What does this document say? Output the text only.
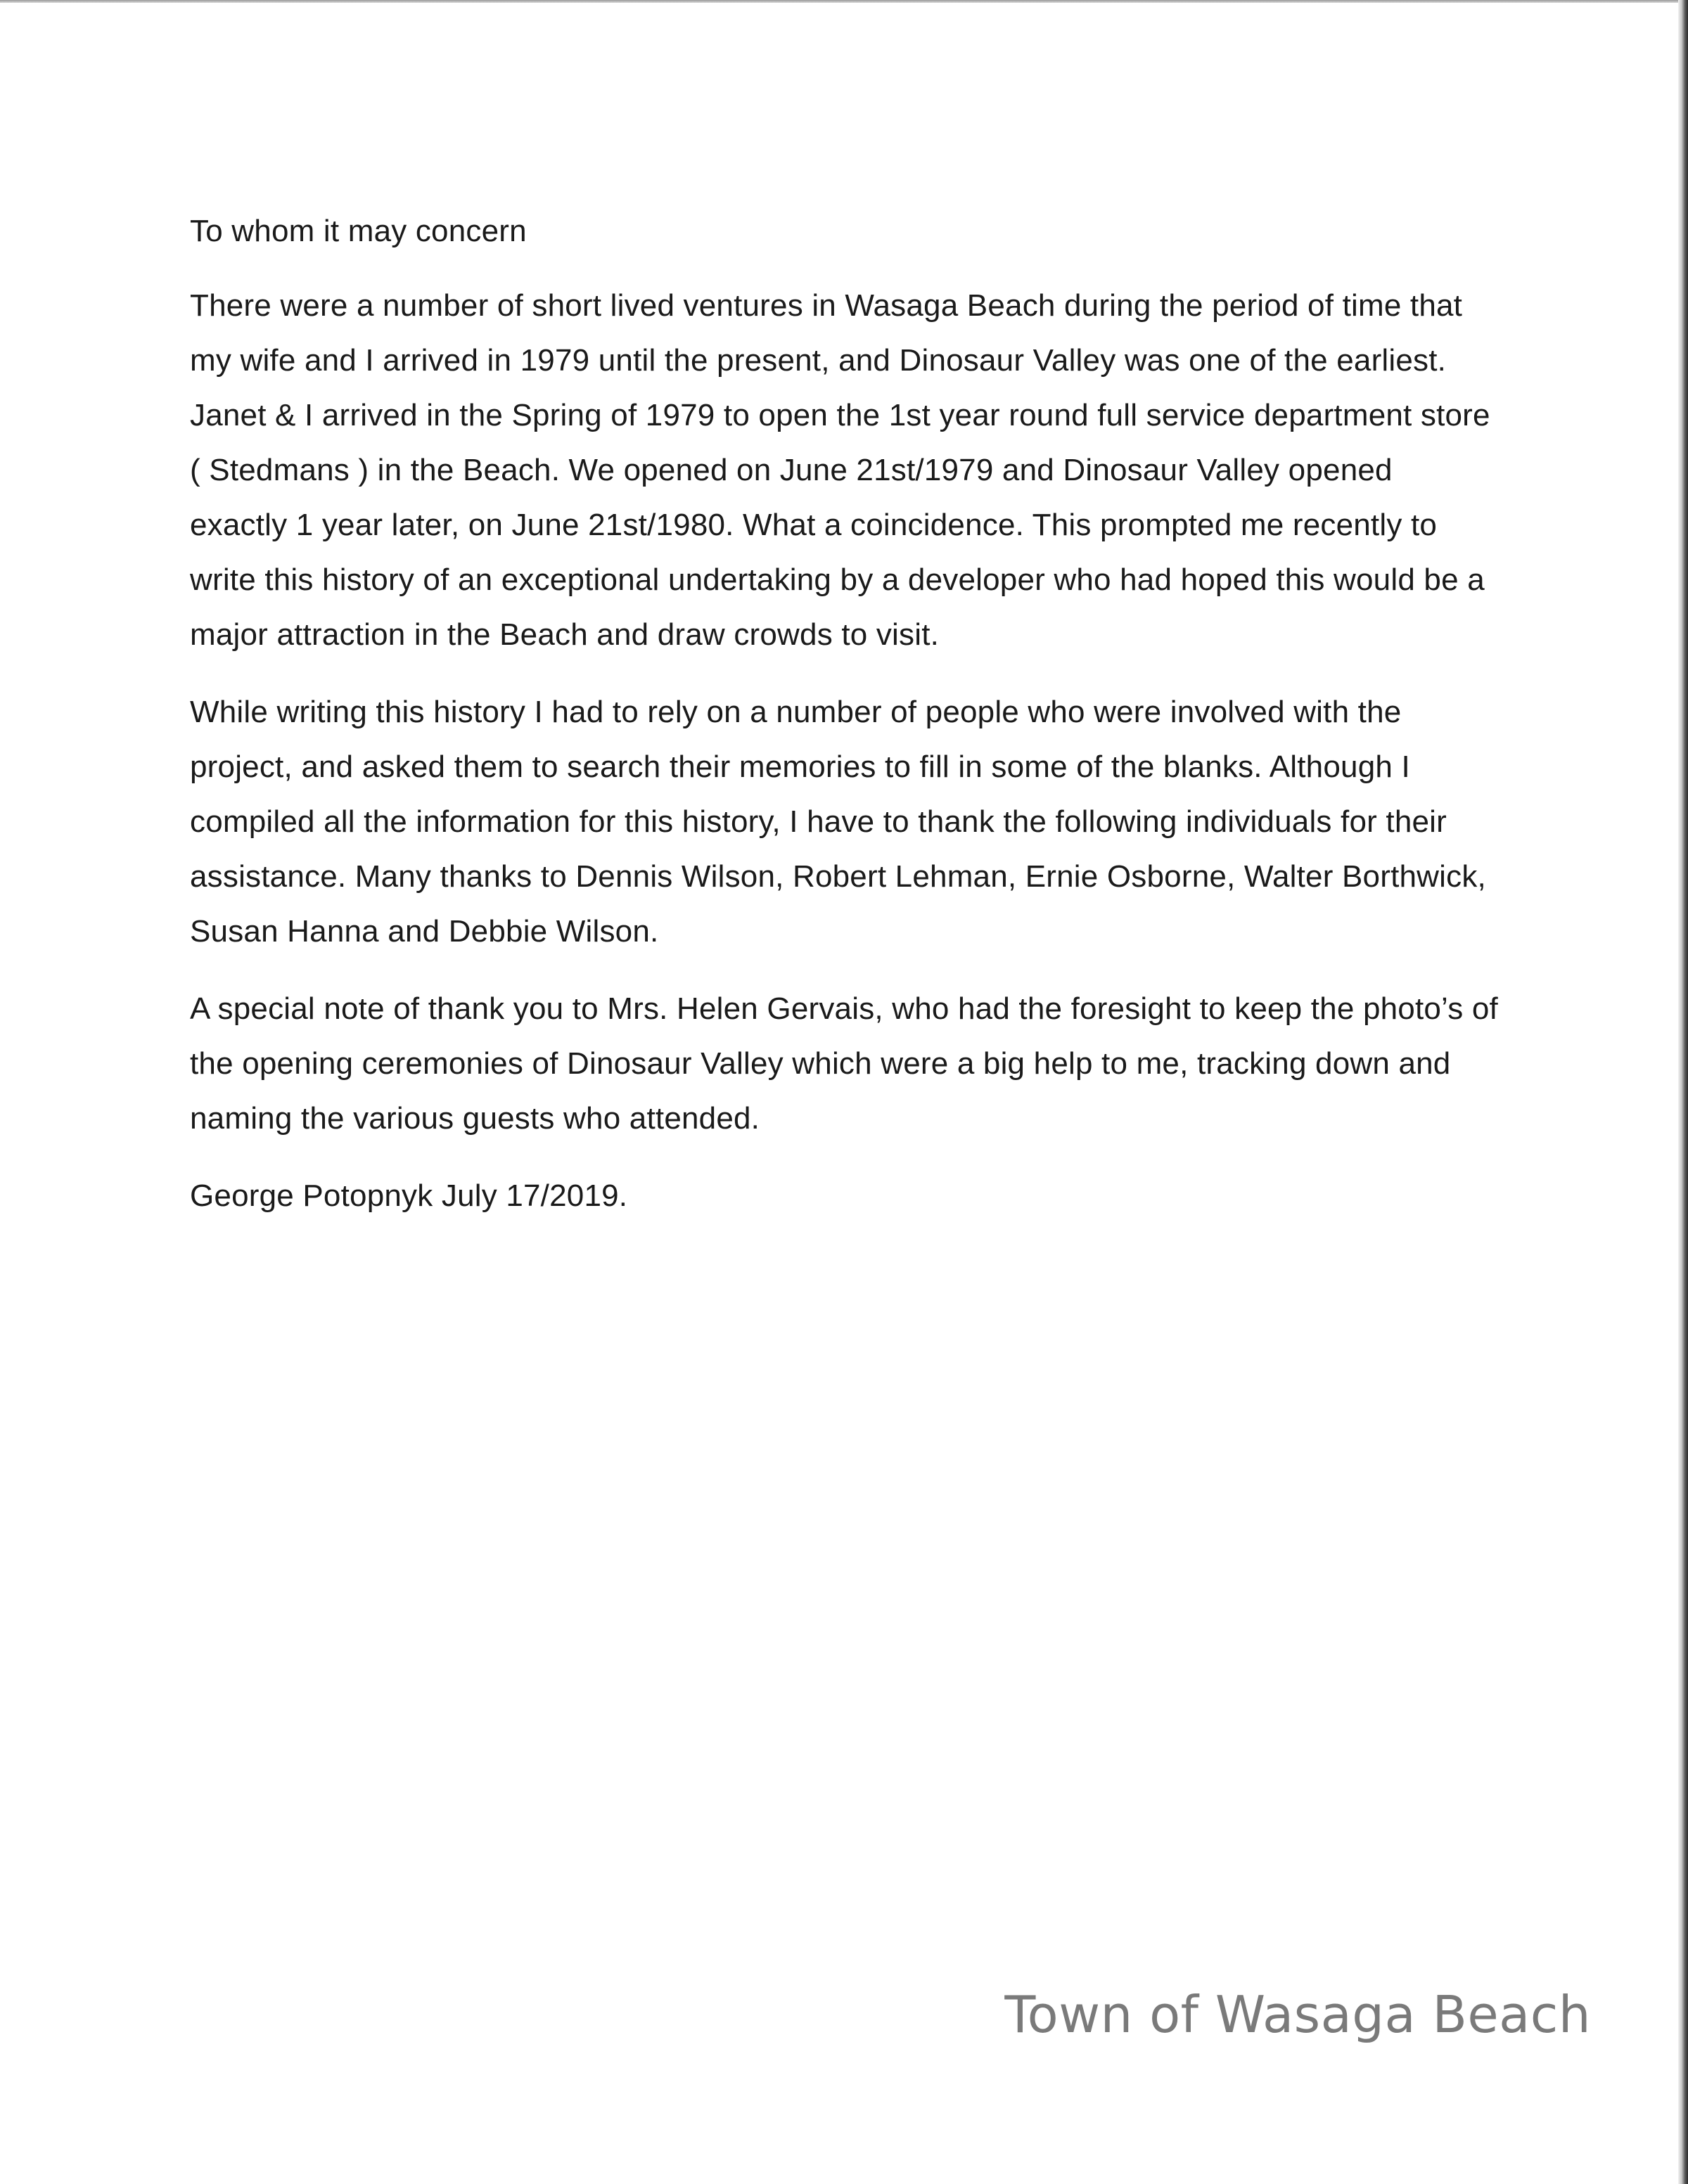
To whom it may concern

There were a number of short lived ventures in Wasaga Beach during the period of time that my wife and I arrived in 1979 until the present, and Dinosaur Valley was one of the earliest. Janet & I arrived in the Spring of 1979 to open the 1st year round full service department store ( Stedmans ) in the Beach. We opened on June 21st/1979 and Dinosaur Valley opened exactly 1 year later, on June 21st/1980. What a coincidence. This prompted me recently to write this history of an exceptional undertaking by a developer who had hoped this would be a major attraction in the Beach and draw crowds to visit.

While writing this history I had to rely on a number of people who were involved with the project, and asked them to search their memories to fill in some of the blanks. Although I compiled all the information for this history, I have to thank the following individuals for their assistance. Many thanks to Dennis Wilson, Robert Lehman, Ernie Osborne, Walter Borthwick, Susan Hanna and Debbie Wilson.

A special note of thank you to Mrs. Helen Gervais, who had the foresight to keep the photo’s of the opening ceremonies of Dinosaur Valley which were a big help to me, tracking down and naming the various guests who attended.

George Potopnyk July 17/2019.

Town of Wasaga Beach
